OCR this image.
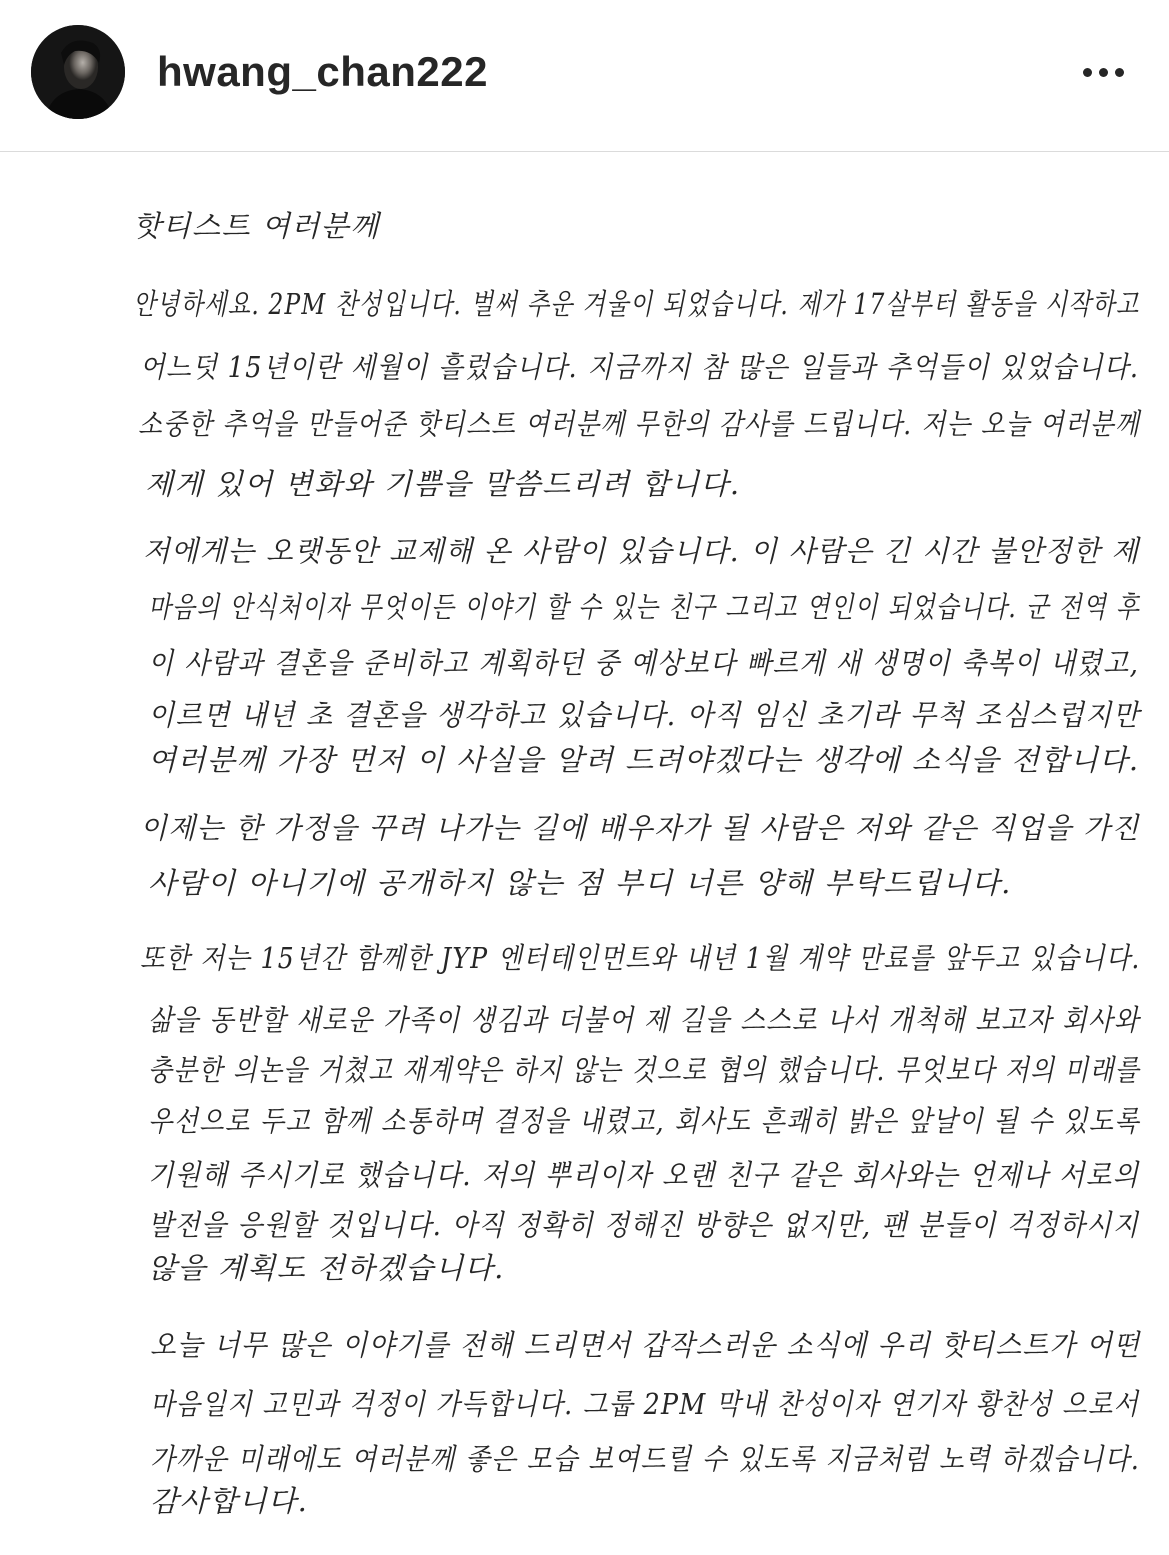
hwang_chan222
핫티스트 여러분께
안녕하세요. 2PM 찬성입니다. 벌써 추운 겨울이 되었습니다. 제가 17살부터 활동을 시작하고
어느덧 15년이란 세월이 흘렀습니다. 지금까지 참 많은 일들과 추억들이 있었습니다.
소중한 추억을 만들어준 핫티스트 여러분께 무한의 감사를 드립니다. 저는 오늘 여러분께
제게 있어 변화와 기쁨을 말씀드리려 합니다.
저에게는 오랫동안 교제해 온 사람이 있습니다. 이 사람은 긴 시간 불안정한 제
마음의 안식처이자 무엇이든 이야기 할 수 있는 친구 그리고 연인이 되었습니다. 군 전역 후
이 사람과 결혼을 준비하고 계획하던 중 예상보다 빠르게 새 생명이 축복이 내렸고,
이르면 내년 초 결혼을 생각하고 있습니다. 아직 임신 초기라 무척 조심스럽지만
여러분께 가장 먼저 이 사실을 알려 드려야겠다는 생각에 소식을 전합니다.
이제는 한 가정을 꾸려 나가는 길에 배우자가 될 사람은 저와 같은 직업을 가진
사람이 아니기에 공개하지 않는 점 부디 너른 양해 부탁드립니다.
또한 저는 15년간 함께한 JYP 엔터테인먼트와 내년 1월 계약 만료를 앞두고 있습니다.
삶을 동반할 새로운 가족이 생김과 더불어 제 길을 스스로 나서 개척해 보고자 회사와
충분한 의논을 거쳤고 재계약은 하지 않는 것으로 협의 했습니다. 무엇보다 저의 미래를
우선으로 두고 함께 소통하며 결정을 내렸고, 회사도 흔쾌히 밝은 앞날이 될 수 있도록
기원해 주시기로 했습니다. 저의 뿌리이자 오랜 친구 같은 회사와는 언제나 서로의
발전을 응원할 것입니다. 아직 정확히 정해진 방향은 없지만, 팬 분들이 걱정하시지
않을 계획도 전하겠습니다.
오늘 너무 많은 이야기를 전해 드리면서 갑작스러운 소식에 우리 핫티스트가 어떤
마음일지 고민과 걱정이 가득합니다. 그룹 2PM 막내 찬성이자 연기자 황찬성 으로서
가까운 미래에도 여러분께 좋은 모습 보여드릴 수 있도록 지금처럼 노력 하겠습니다.
감사합니다.
